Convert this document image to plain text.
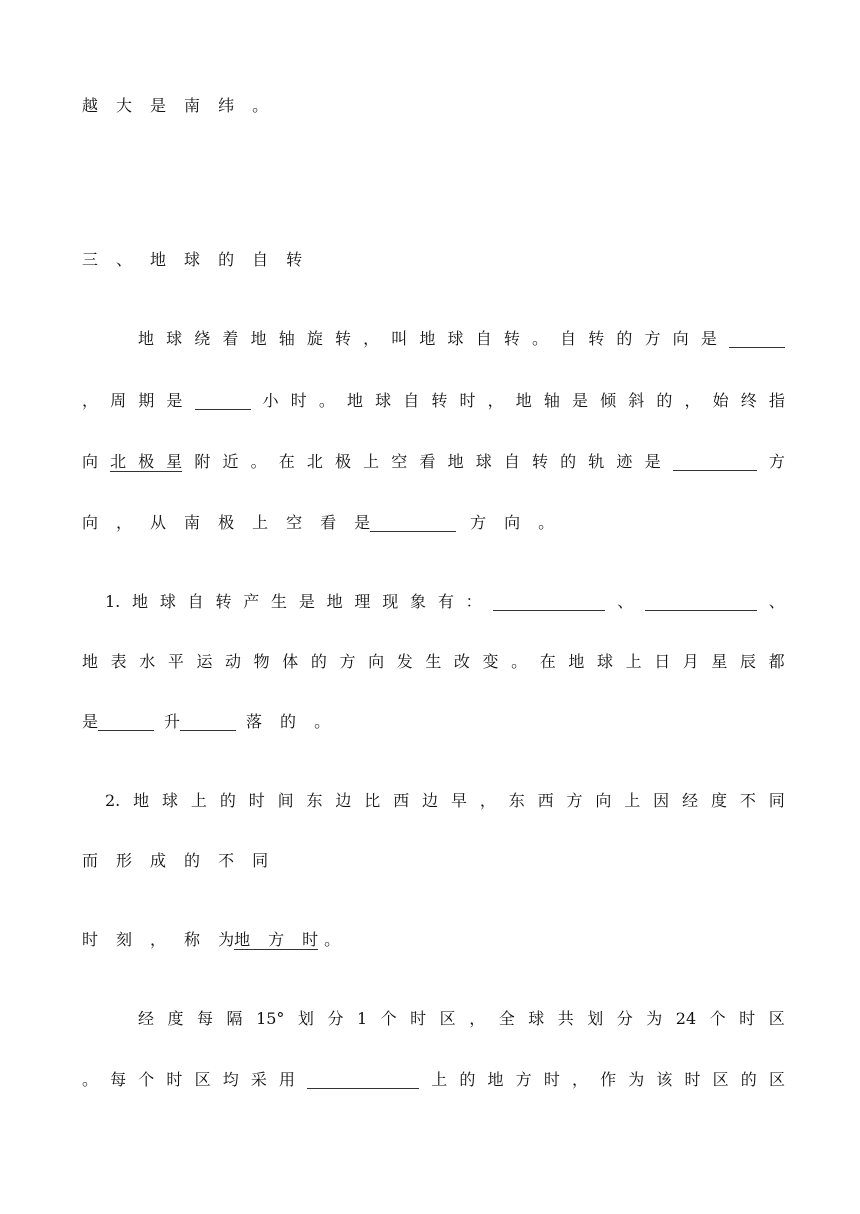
越 大 是 南 纬 。
三 、 地 球 的 自 转
地 球 绕 着 地 轴 旋 转 ， 叫 地 球 自 转 。 自 转 的 方 向 是
， 周 期 是	小 时 。 地 球 自 转 时 ， 地 轴 是 倾 斜 的 ， 始 终 指
向 北 极 星 附 近 。 在 北 极 上 空 看 地 球 自 转 的 轨 迹 是	方
向 ， 从 南 极 上 空 看 是	方 向 。
1. 地 球 自 转 产 生 是 地 理 现 象 有 ：	、	、
地 表 水 平 运 动 物 体 的 方 向 发 生 改 变 。 在 地 球 上 日 月 星 辰 都
是	升	落 的 。
2. 地 球 上 的 时 间 东 边 比 西 边 早 ， 东 西 方 向 上 因 经 度 不 同
而 形 成 的 不 同
时 刻 ， 称 为 地 方 时 。
经 度 每 隔 15° 划 分 1 个 时 区 ， 全 球 共 划 分 为 24 个 时 区
。 每 个 时 区 均 采 用	上 的 地 方 时 ， 作 为 该 时 区 的 区
